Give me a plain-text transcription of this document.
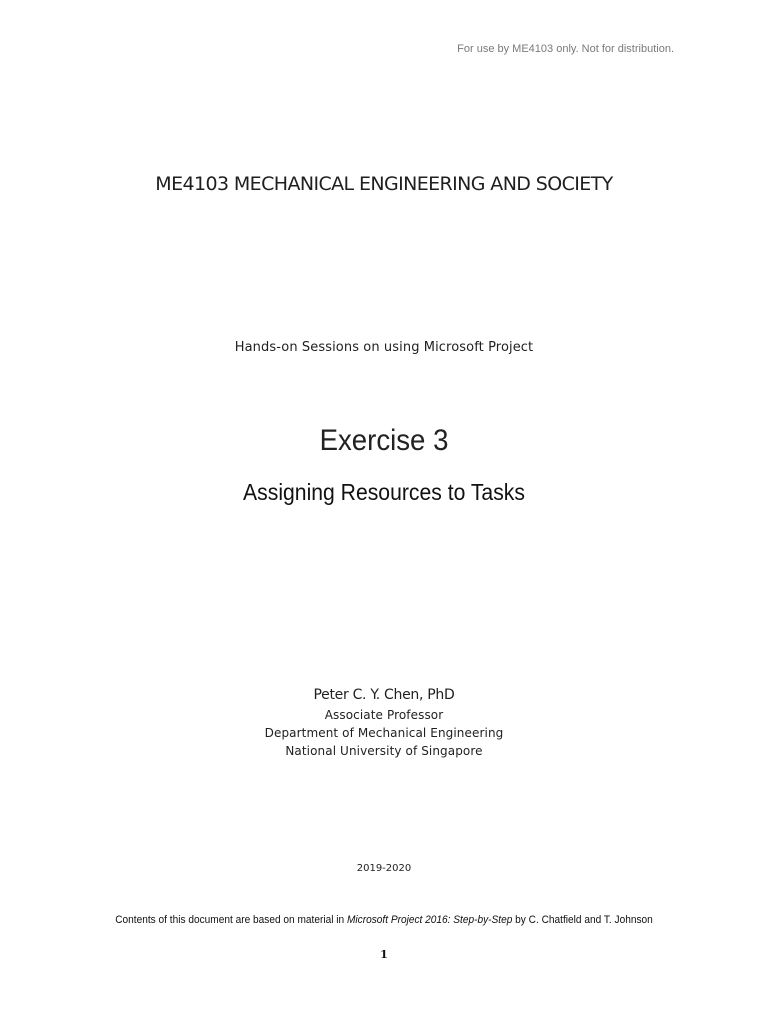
For use by ME4103 only. Not for distribution.
ME4103 MECHANICAL ENGINEERING AND SOCIETY
Hands-on Sessions on using Microsoft Project
Exercise 3
Assigning Resources to Tasks
Peter C. Y. Chen, PhD
Associate Professor
Department of Mechanical Engineering
National University of Singapore
2019-2020
Contents of this document are based on material in Microsoft Project 2016: Step-by-Step by C. Chatfield and T. Johnson
1
